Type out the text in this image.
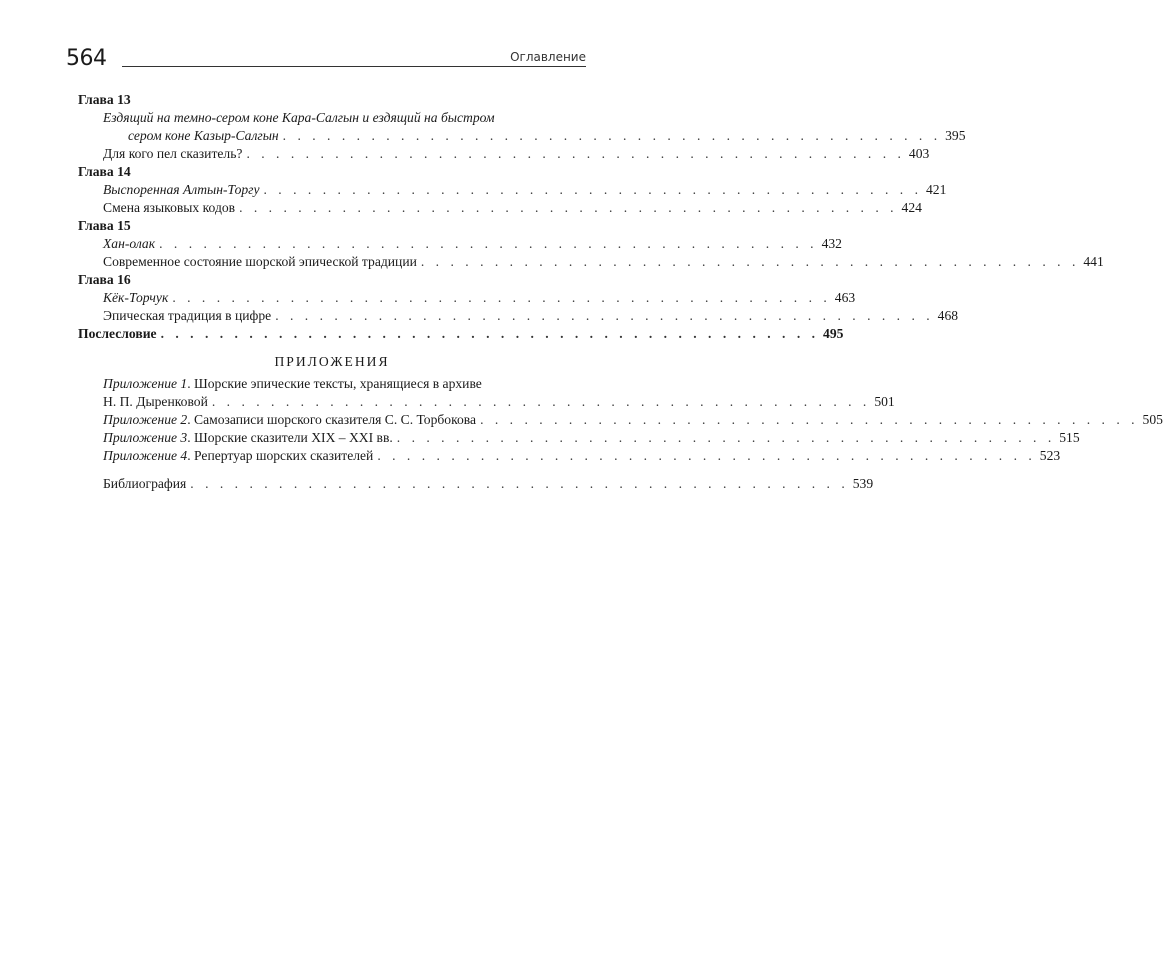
564	Оглавление
Глава 13
Ездящий на темно-сером коне Кара-Салгын и ездящий на быстром
сером коне Казыр-Салгын . . . . . . . . . . . . . . . . . . . . . . . . . . . . . . . . . . . . . . . . . . . . . 395
Для кого пел сказитель? . . . . . . . . . . . . . . . . . . . . . . . . . . . . . . . . . . . . . . . . . . . . . 403
Глава 14
Выспоренная Алтын-Торгу . . . . . . . . . . . . . . . . . . . . . . . . . . . . . . . . . . . . . . . . . . . . . 421
Смена языковых кодов . . . . . . . . . . . . . . . . . . . . . . . . . . . . . . . . . . . . . . . . . . . . . 424
Глава 15
Хан-олак . . . . . . . . . . . . . . . . . . . . . . . . . . . . . . . . . . . . . . . . . . . . . 432
Современное состояние шорской эпической традиции . . . . . . . . . . . . . . . . . . . . . . . . . . . . . . . . . . . . . . . . . . . . . 441
Глава 16
Кёк-Торчук . . . . . . . . . . . . . . . . . . . . . . . . . . . . . . . . . . . . . . . . . . . . . 463
Эпическая традиция в цифре . . . . . . . . . . . . . . . . . . . . . . . . . . . . . . . . . . . . . . . . . . . . . 468
Послесловие . . . . . . . . . . . . . . . . . . . . . . . . . . . . . . . . . . . . . . . . . . . . . 495
ПРИЛОЖЕНИЯ
Приложение 1. Шорские эпические тексты, хранящиеся в архиве
Н. П. Дыренковой . . . . . . . . . . . . . . . . . . . . . . . . . . . . . . . . . . . . . . . . . . . . . 501
Приложение 2. Самозаписи шорского сказителя С. С. Торбокова . . . . . . . . . . . . . . . . . . . . . . . . . . . . . . . . . . . . . . . . . . . . . 505
Приложение 3. Шорские сказители XIX – XXI вв. . . . . . . . . . . . . . . . . . . . . . . . . . . . . . . . . . . . . . . . . . . . . . 515
Приложение 4. Репертуар шорских сказителей . . . . . . . . . . . . . . . . . . . . . . . . . . . . . . . . . . . . . . . . . . . . . 523
Библиография . . . . . . . . . . . . . . . . . . . . . . . . . . . . . . . . . . . . . . . . . . . . . 539
